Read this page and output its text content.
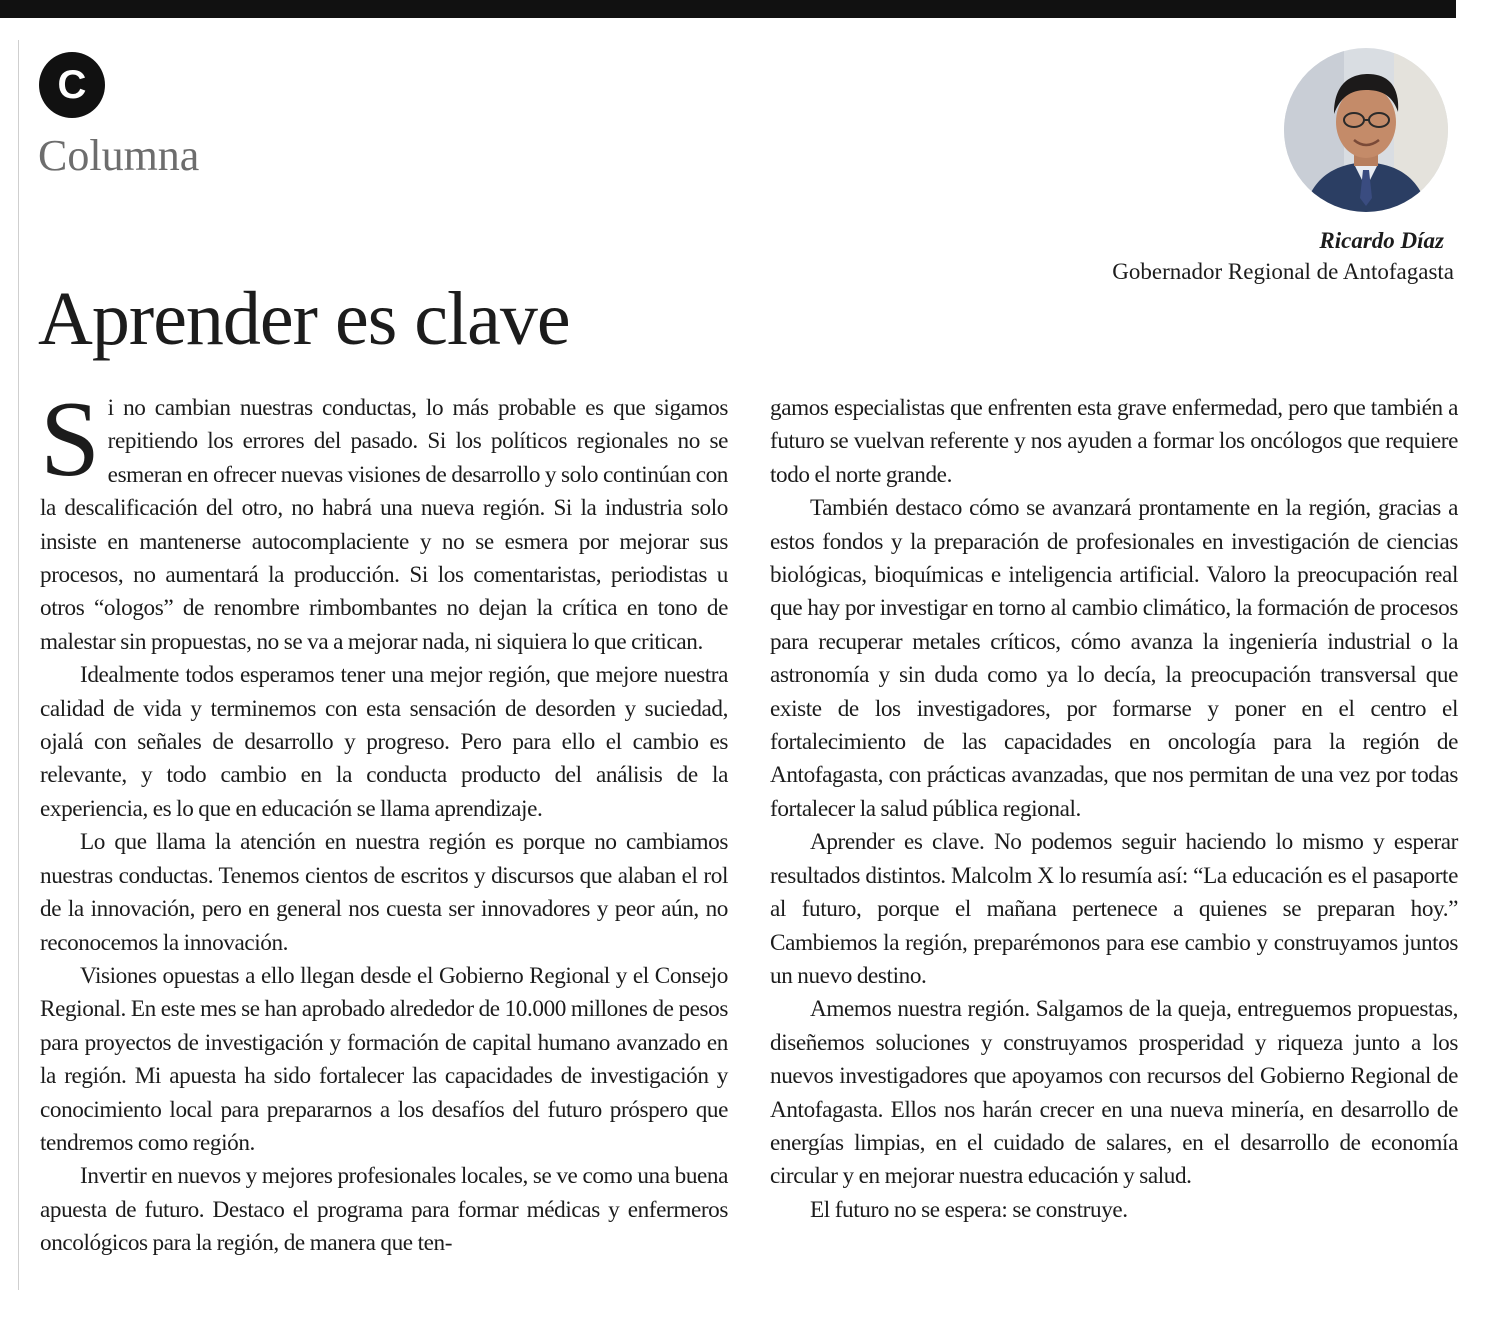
C
Columna
Ricardo Díaz
Gobernador Regional de Antofagasta
Aprender es clave

Si no cambian nuestras conductas, lo más probable es que sigamos repitiendo los errores del pasado. Si los políticos regionales no se esmeran en ofrecer nuevas visiones de desarrollo y solo continúan con la descalificación del otro, no habrá una nueva región. Si la industria solo insiste en mantenerse autocomplaciente y no se esmera por mejorar sus procesos, no aumentará la producción. Si los comentaristas, periodistas u otros “ologos” de renombre rimbombantes no dejan la crítica en tono de malestar sin propuestas, no se va a mejorar nada, ni siquiera lo que critican.

Idealmente todos esperamos tener una mejor región, que mejore nuestra calidad de vida y terminemos con esta sensación de desorden y suciedad, ojalá con señales de desarrollo y progreso. Pero para ello el cambio es relevante, y todo cambio en la conducta producto del análisis de la experiencia, es lo que en educación se llama aprendizaje.

Lo que llama la atención en nuestra región es porque no cambiamos nuestras conductas. Tenemos cientos de escritos y discursos que alaban el rol de la innovación, pero en general nos cuesta ser innovadores y peor aún, no reconocemos la innovación.

Visiones opuestas a ello llegan desde el Gobierno Regional y el Consejo Regional. En este mes se han aprobado alrededor de 10.000 millones de pesos para proyectos de investigación y formación de capital humano avanzado en la región. Mi apuesta ha sido fortalecer las capacidades de investigación y conocimiento local para prepararnos a los desafíos del futuro próspero que tendremos como región.

Invertir en nuevos y mejores profesionales locales, se ve como una buena apuesta de futuro. Destaco el programa para formar médicas y enfermeros oncológicos para la región, de manera que ten-

gamos especialistas que enfrenten esta grave enfermedad, pero que también a futuro se vuelvan referente y nos ayuden a formar los oncólogos que requiere todo el norte grande.

También destaco cómo se avanzará prontamente en la región, gracias a estos fondos y la preparación de profesionales en investigación de ciencias biológicas, bioquímicas e inteligencia artificial. Valoro la preocupación real que hay por investigar en torno al cambio climático, la formación de procesos para recuperar metales críticos, cómo avanza la ingeniería industrial o la astronomía y sin duda como ya lo decía, la preocupación transversal que existe de los investigadores, por formarse y poner en el centro el fortalecimiento de las capacidades en oncología para la región de Antofagasta, con prácticas avanzadas, que nos permitan de una vez por todas fortalecer la salud pública regional.

Aprender es clave. No podemos seguir haciendo lo mismo y esperar resultados distintos. Malcolm X lo resumía así: “La educación es el pasaporte al futuro, porque el mañana pertenece a quienes se preparan hoy.” Cambiemos la región, preparémonos para ese cambio y construyamos juntos un nuevo destino.

Amemos nuestra región. Salgamos de la queja, entreguemos propuestas, diseñemos soluciones y construyamos prosperidad y riqueza junto a los nuevos investigadores que apoyamos con recursos del Gobierno Regional de Antofagasta. Ellos nos harán crecer en una nueva minería, en desarrollo de energías limpias, en el cuidado de salares, en el desarrollo de economía circular y en mejorar nuestra educación y salud.

El futuro no se espera: se construye.
